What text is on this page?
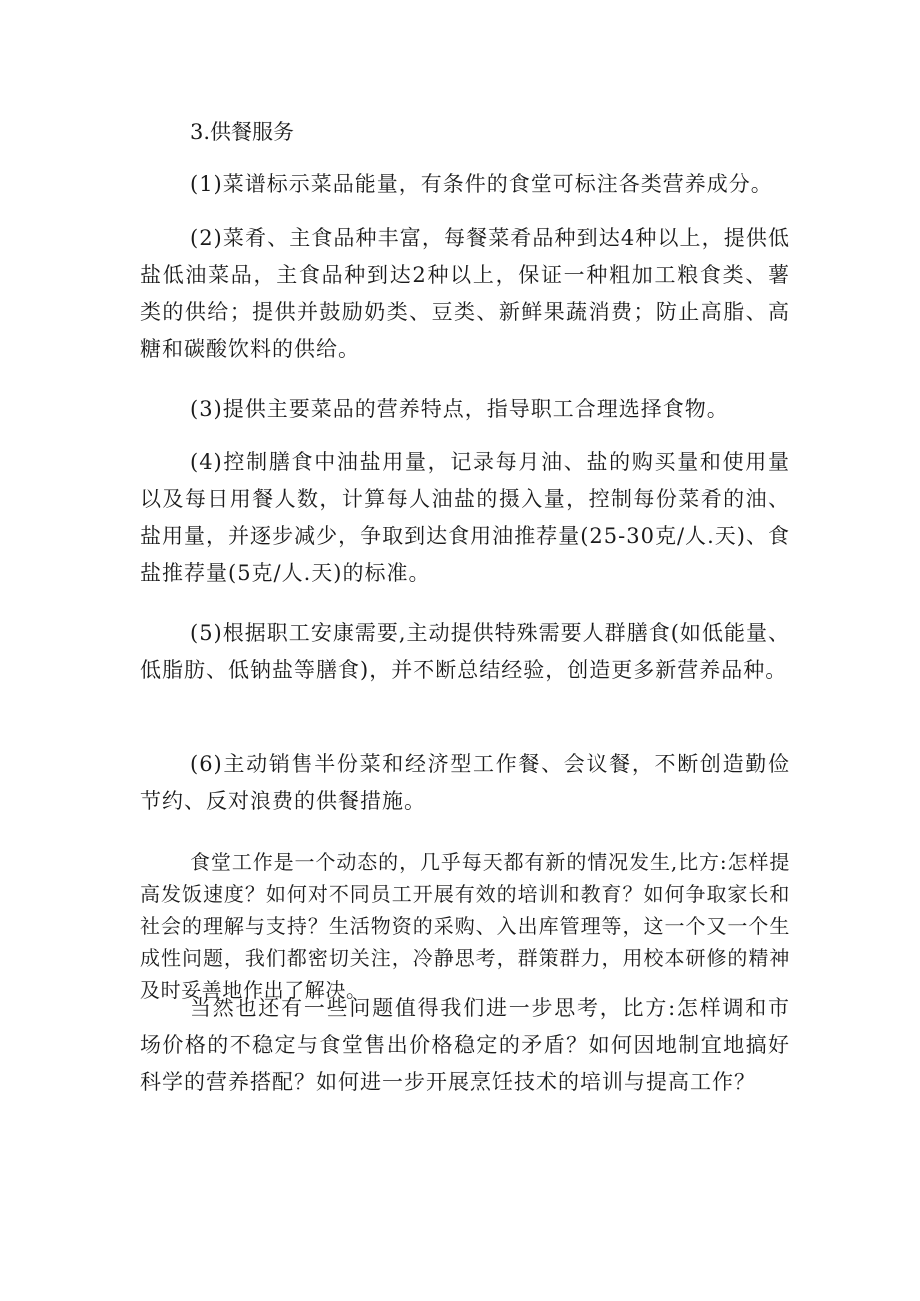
3.供餐服务

(1)菜谱标示菜品能量，有条件的食堂可标注各类营养成分。

(2)菜肴、主食品种丰富，每餐菜肴品种到达4种以上，提供低盐低油菜品，主食品种到达2种以上，保证一种粗加工粮食类、薯类的供给；提供并鼓励奶类、豆类、新鲜果蔬消费；防止高脂、高糖和碳酸饮料的供给。

(3)提供主要菜品的营养特点，指导职工合理选择食物。

(4)控制膳食中油盐用量，记录每月油、盐的购买量和使用量以及每日用餐人数，计算每人油盐的摄入量，控制每份菜肴的油、盐用量，并逐步减少，争取到达食用油推荐量(25-30克/人.天)、食盐推荐量(5克/人.天)的标准。

(5)根据职工安康需要,主动提供特殊需要人群膳食(如低能量、低脂肪、低钠盐等膳食)，并不断总结经验，创造更多新营养品种。

(6)主动销售半份菜和经济型工作餐、会议餐，不断创造勤俭节约、反对浪费的供餐措施。

食堂工作是一个动态的，几乎每天都有新的情况发生,比方:怎样提高发饭速度？如何对不同员工开展有效的培训和教育？如何争取家长和社会的理解与支持？生活物资的采购、入出库管理等，这一个又一个生成性问题，我们都密切关注，冷静思考，群策群力，用校本研修的精神及时妥善地作出了解决。

当然也还有一些问题值得我们进一步思考，比方:怎样调和市场价格的不稳定与食堂售出价格稳定的矛盾？如何因地制宜地搞好科学的营养搭配？如何进一步开展烹饪技术的培训与提高工作？
